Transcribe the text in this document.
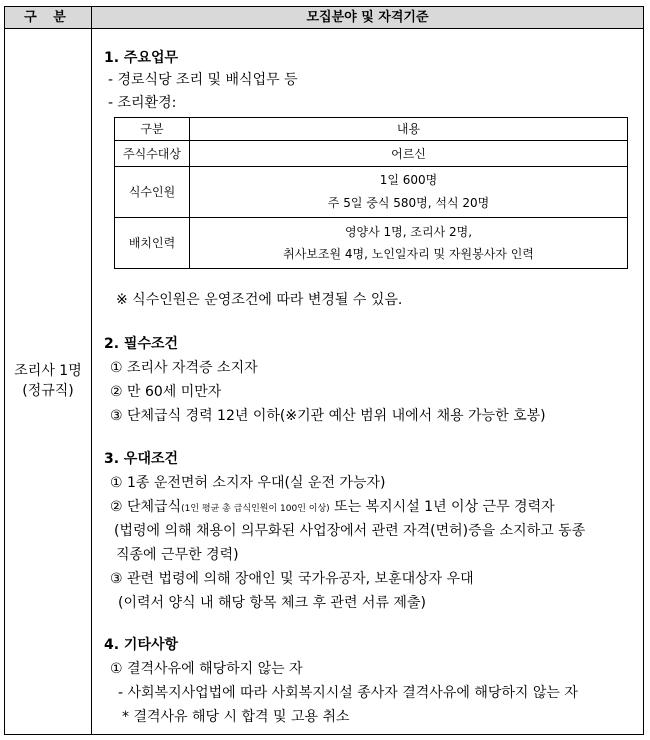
구 분	모집분야 및 자격기준
조리사 1명
(정규직)
1. 주요업무
- 경로식당 조리 및 배식업무 등
- 조리환경:
구분	내용
주식수대상	어르신
식수인원	1일 600명
주 5일 중식 580명, 석식 20명

배치인력	영양사 1명, 조리사 2명,
취사보조원 4명, 노인일자리 및 자원봉사자 인력
※ 식수인원은 운영조건에 따라 변경될 수 있음.
2. 필수조건
① 조리사 자격증 소지자
② 만 60세 미만자
③ 단체급식 경력 12년 이하(※기관 예산 범위 내에서 채용 가능한 호봉)
3. 우대조건
① 1종 운전면허 소지자 우대(실 운전 가능자)
② 단체급식(1인 평균 총 급식인원이 100인 이상) 또는 복지시설 1년 이상 근무 경력자
(법령에 의해 채용이 의무화된 사업장에서 관련 자격(면허)증을 소지하고 동종
직종에 근무한 경력)
③ 관련 법령에 의해 장애인 및 국가유공자, 보훈대상자 우대
(이력서 양식 내 해당 항목 체크 후 관련 서류 제출)
4. 기타사항
① 결격사유에 해당하지 않는 자
- 사회복지사업법에 따라 사회복지시설 종사자 결격사유에 해당하지 않는 자
* 결격사유 해당 시 합격 및 고용 취소
